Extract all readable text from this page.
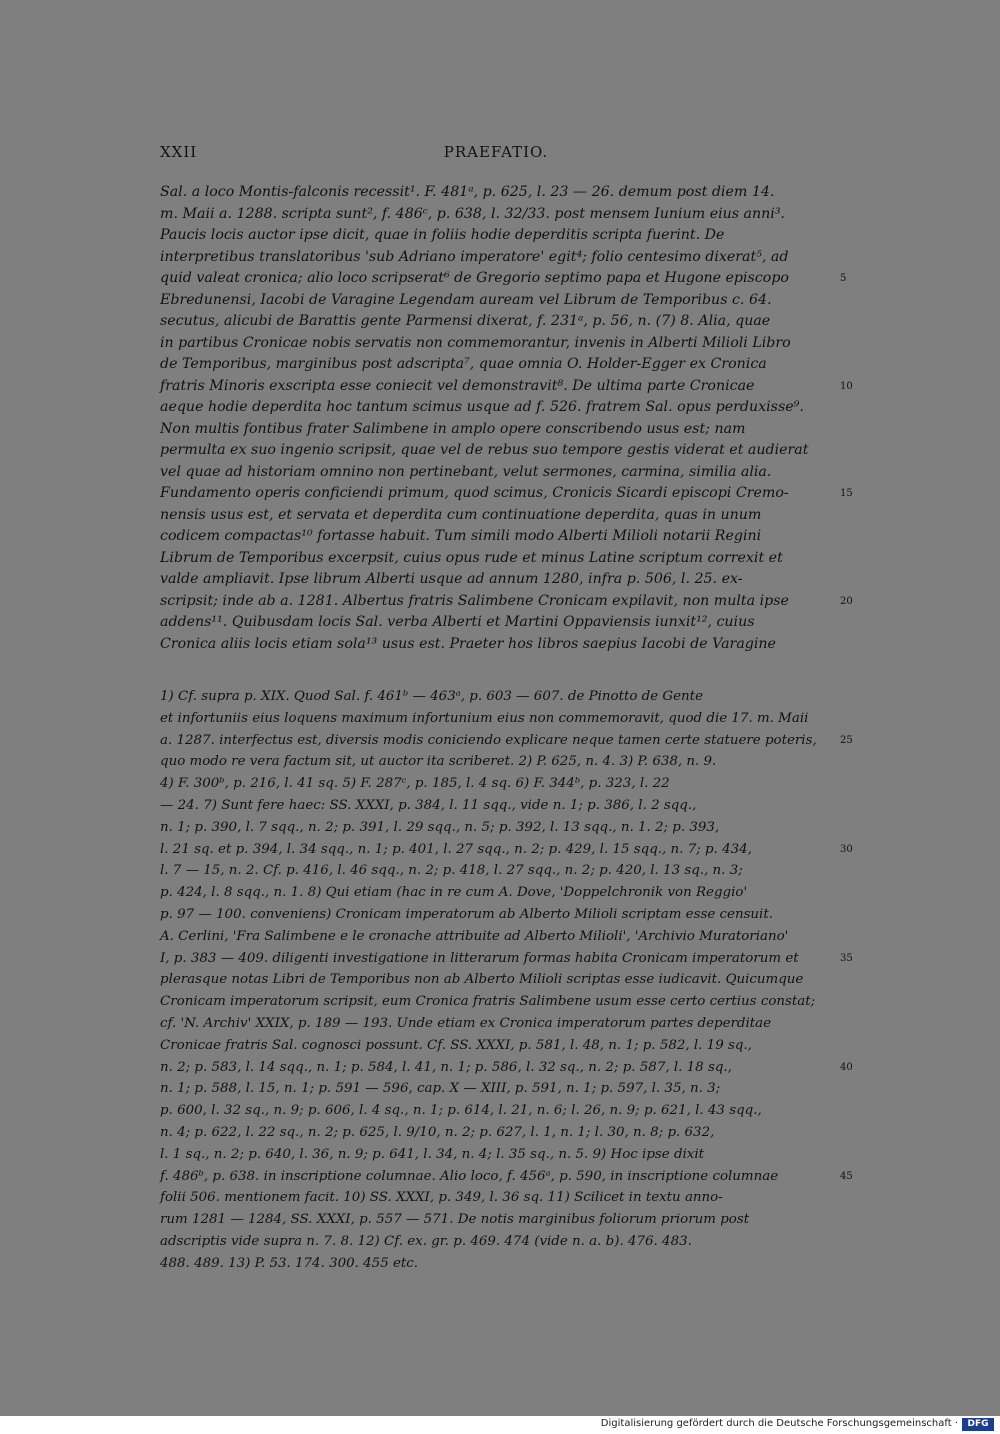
XXII	PRAEFATIO.
Sal. a loco Montis-falconis recessit¹. F. 481ᵃ, p. 625, l. 23 — 26. demum post diem 14.
m. Maii a. 1288. scripta sunt², f. 486ᶜ, p. 638, l. 32/33. post mensem Iunium eius anni³.
Paucis locis auctor ipse dicit, quae in foliis hodie deperditis scripta fuerint. De
interpretibus translatoribus 'sub Adriano imperatore' egit⁴; folio centesimo dixerat⁵, ad
quid valeat cronica; alio loco scripserat⁶ de Gregorio septimo papa et Hugone episcopo	5
Ebredunensi, Iacobi de Varagine Legendam auream vel Librum de Temporibus c. 64.
secutus, alicubi de Barattis gente Parmensi dixerat, f. 231ᵃ, p. 56, n. (7) 8. Alia, quae
in partibus Cronicae nobis servatis non commemorantur, invenis in Alberti Milioli Libro
de Temporibus, marginibus post adscripta⁷, quae omnia O. Holder-Egger ex Cronica
fratris Minoris exscripta esse coniecit vel demonstravit⁸. De ultima parte Cronicae	10
aeque hodie deperdita hoc tantum scimus usque ad f. 526. fratrem Sal. opus perduxisse⁹.
Non multis fontibus frater Salimbene in amplo opere conscribendo usus est; nam
permulta ex suo ingenio scripsit, quae vel de rebus suo tempore gestis viderat et audierat
vel quae ad historiam omnino non pertinebant, velut sermones, carmina, similia alia.
Fundamento operis conficiendi primum, quod scimus, Cronicis Sicardi episcopi Cremo-	15
nensis usus est, et servata et deperdita cum continuatione deperdita, quas in unum
codicem compactas¹⁰ fortasse habuit. Tum simili modo Alberti Milioli notarii Regini
Librum de Temporibus excerpsit, cuius opus rude et minus Latine scriptum correxit et
valde ampliavit. Ipse librum Alberti usque ad annum 1280, infra p. 506, l. 25. ex-
scripsit; inde ab a. 1281. Albertus fratris Salimbene Cronicam expilavit, non multa ipse	20
addens¹¹. Quibusdam locis Sal. verba Alberti et Martini Oppaviensis iunxit¹², cuius
Cronica aliis locis etiam sola¹³ usus est. Praeter hos libros saepius Iacobi de Varagine
1) Cf. supra p. XIX. Quod Sal. f. 461ᵇ — 463ᵃ, p. 603 — 607. de Pinotto de Gente
et infortuniis eius loquens maximum infortunium eius non commemoravit, quod die 17. m. Maii
a. 1287. interfectus est, diversis modis coniciendo explicare neque tamen certe statuere poteris,	25
quo modo re vera factum sit, ut auctor ita scriberet. 2) P. 625, n. 4. 3) P. 638, n. 9.
4) F. 300ᵇ, p. 216, l. 41 sq. 5) F. 287ᶜ, p. 185, l. 4 sq. 6) F. 344ᵇ, p. 323, l. 22
— 24. 7) Sunt fere haec: SS. XXXI, p. 384, l. 11 sqq., vide n. 1; p. 386, l. 2 sqq.,
n. 1; p. 390, l. 7 sqq., n. 2; p. 391, l. 29 sqq., n. 5; p. 392, l. 13 sqq., n. 1. 2; p. 393,
l. 21 sq. et p. 394, l. 34 sqq., n. 1; p. 401, l. 27 sqq., n. 2; p. 429, l. 15 sqq., n. 7; p. 434,	30
l. 7 — 15, n. 2. Cf. p. 416, l. 46 sqq., n. 2; p. 418, l. 27 sqq., n. 2; p. 420, l. 13 sq., n. 3;
p. 424, l. 8 sqq., n. 1. 8) Qui etiam (hac in re cum A. Dove, 'Doppelchronik von Reggio'
p. 97 — 100. conveniens) Cronicam imperatorum ab Alberto Milioli scriptam esse censuit.
A. Cerlini, 'Fra Salimbene e le cronache attribuite ad Alberto Milioli', 'Archivio Muratoriano'
I, p. 383 — 409. diligenti investigatione in litterarum formas habita Cronicam imperatorum et	35
plerasque notas Libri de Temporibus non ab Alberto Milioli scriptas esse iudicavit. Quicumque
Cronicam imperatorum scripsit, eum Cronica fratris Salimbene usum esse certo certius constat;
cf. 'N. Archiv' XXIX, p. 189 — 193. Unde etiam ex Cronica imperatorum partes deperditae
Cronicae fratris Sal. cognosci possunt. Cf. SS. XXXI, p. 581, l. 48, n. 1; p. 582, l. 19 sq.,
n. 2; p. 583, l. 14 sqq., n. 1; p. 584, l. 41, n. 1; p. 586, l. 32 sq., n. 2; p. 587, l. 18 sq.,	40
n. 1; p. 588, l. 15, n. 1; p. 591 — 596, cap. X — XIII, p. 591, n. 1; p. 597, l. 35, n. 3;
p. 600, l. 32 sq., n. 9; p. 606, l. 4 sq., n. 1; p. 614, l. 21, n. 6; l. 26, n. 9; p. 621, l. 43 sqq.,
n. 4; p. 622, l. 22 sq., n. 2; p. 625, l. 9/10, n. 2; p. 627, l. 1, n. 1; l. 30, n. 8; p. 632,
l. 1 sq., n. 2; p. 640, l. 36, n. 9; p. 641, l. 34, n. 4; l. 35 sq., n. 5. 9) Hoc ipse dixit
f. 486ᵇ, p. 638. in inscriptione columnae. Alio loco, f. 456ᵃ, p. 590, in inscriptione columnae	45
folii 506. mentionem facit. 10) SS. XXXI, p. 349, l. 36 sq. 11) Scilicet in textu anno-
rum 1281 — 1284, SS. XXXI, p. 557 — 571. De notis marginibus foliorum priorum post
adscriptis vide supra n. 7. 8. 12) Cf. ex. gr. p. 469. 474 (vide n. a. b). 476. 483.
488. 489. 13) P. 53. 174. 300. 455 etc.
Digitalisierung gefördert durch die Deutsche Forschungsgemeinschaft ·	DFG
